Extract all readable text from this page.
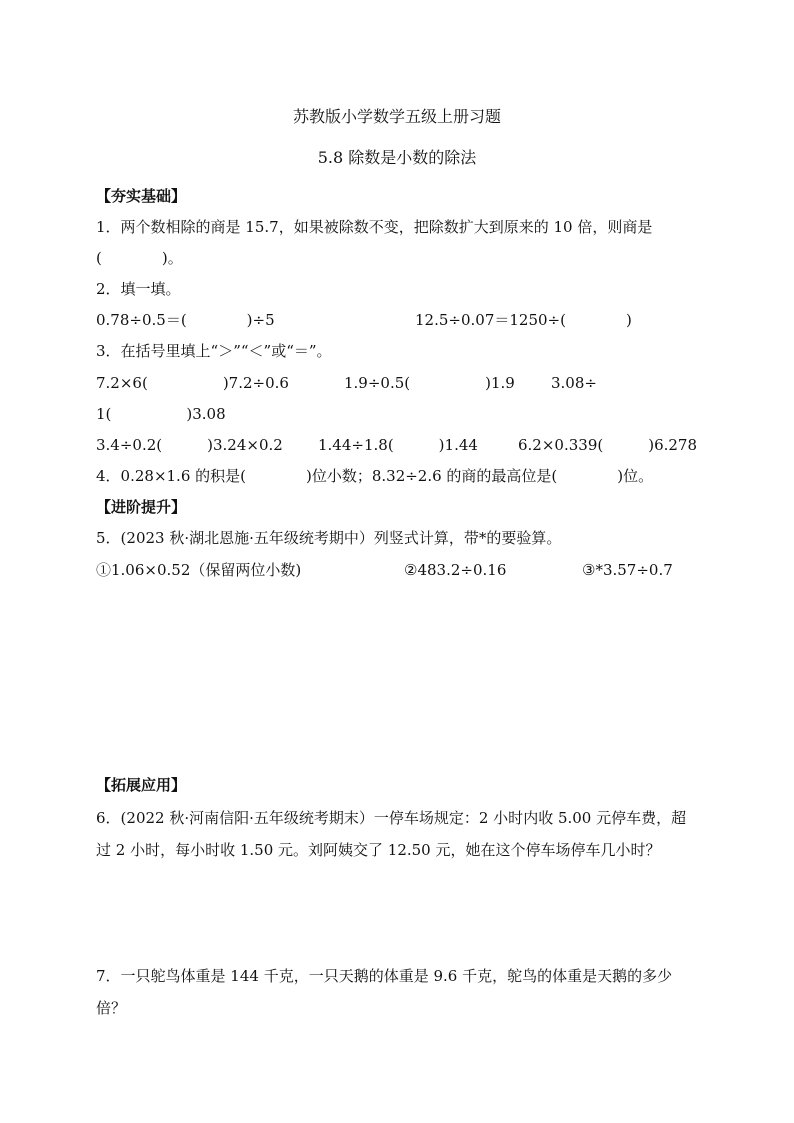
苏教版小学数学五级上册习题
5.8 除数是小数的除法
【夯实基础】
1．两个数相除的商是 15.7，如果被除数不变，把除数扩大到原来的 10 倍，则商是
(　　　　)。
2．填一填。
0.78÷0.5＝(　　　　)÷5	12.5÷0.07＝1250÷(　　　　)
3．在括号里填上“＞”“＜”或“＝”。
7.2×6(　　　　　)7.2÷0.6	1.9÷0.5(　　　　　)1.9 3.08÷
1(　　　　　)3.08
3.4÷0.2(　　　)3.24×0.2 1.44÷1.8(　　　)1.44	6.2×0.339(　　　)6.278
4．0.28×1.6 的积是(　　　　)位小数；8.32÷2.6 的商的最高位是(　　　　)位。
【进阶提升】
5．(2023 秋·湖北恩施·五年级统考期中）列竖式计算，带*的要验算。
①1.06×0.52（保留两位小数)	②483.2÷0.16	③*3.57÷0.7
【拓展应用】
6．(2022 秋·河南信阳·五年级统考期末）一停车场规定：2 小时内收 5.00 元停车费，超
过 2 小时，每小时收 1.50 元。刘阿姨交了 12.50 元，她在这个停车场停车几小时？
7．一只鸵鸟体重是 144 千克，一只天鹅的体重是 9.6 千克，鸵鸟的体重是天鹅的多少
倍？
